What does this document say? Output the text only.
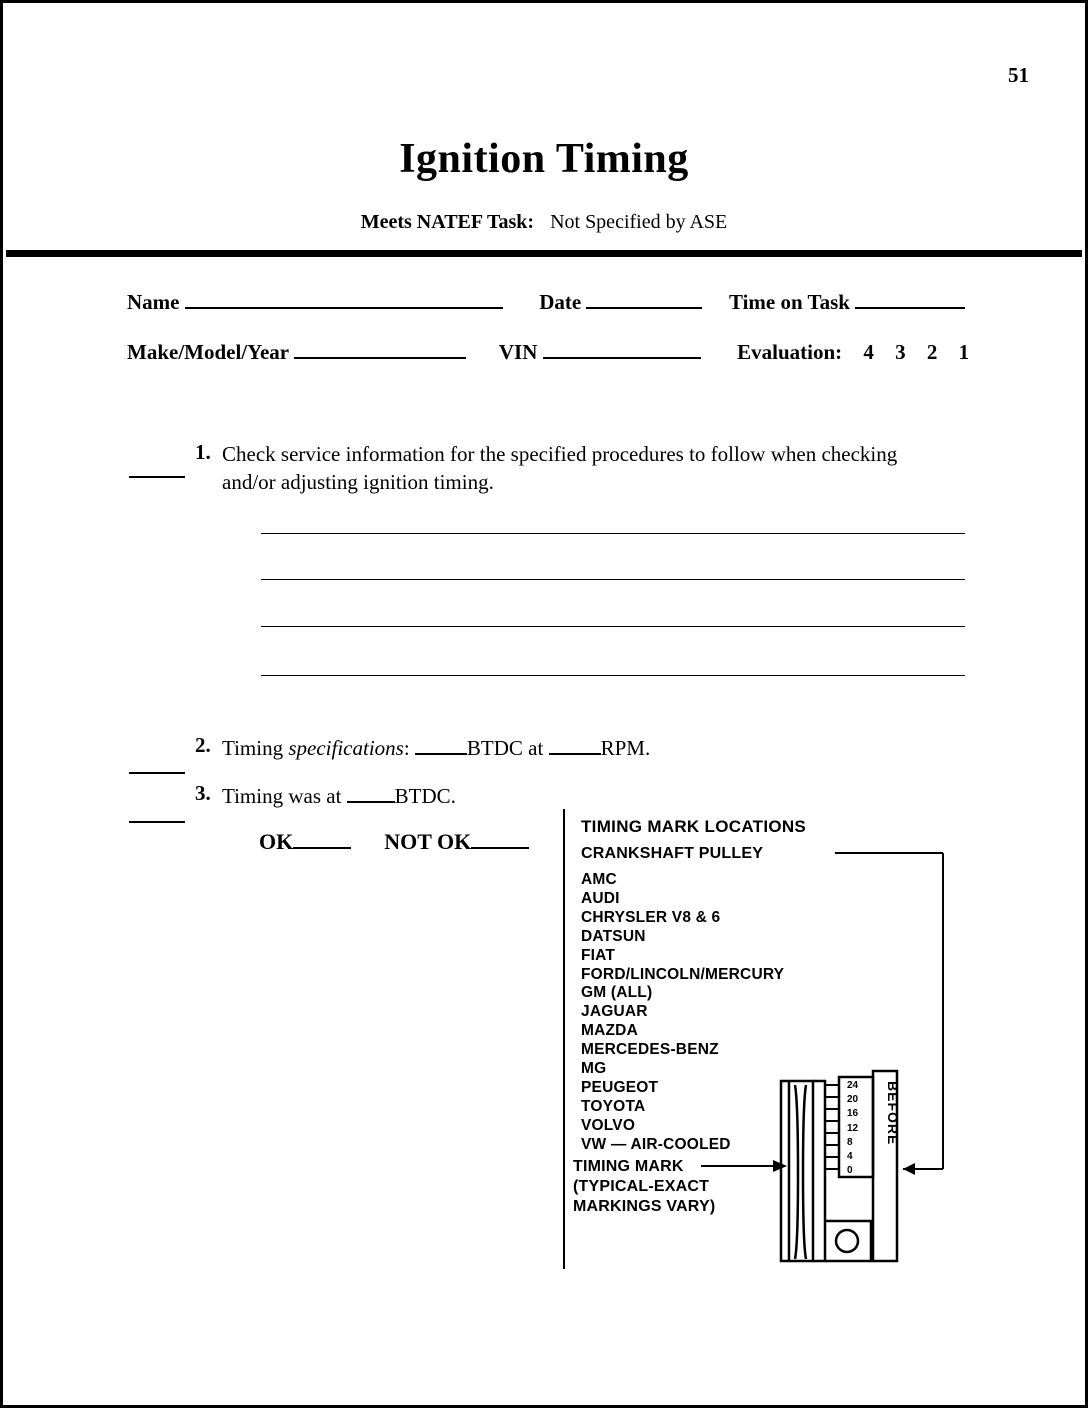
51
Ignition Timing
Meets NATEF Task: Not Specified by ASE
Name	Date	Time on Task
Make/Model/Year	VIN	Evaluation: 4 3 2 1
1. Check service information for the specified procedures to follow when checking and/or adjusting ignition timing.
2. Timing specifications:	BTDC at	RPM.
3. Timing was at	BTDC.
OK	NOT OK
TIMING MARK LOCATIONS
CRANKSHAFT PULLEY
AMC
AUDI
CHRYSLER V8 & 6
DATSUN
FIAT
FORD/LINCOLN/MERCURY
GM (ALL)
JAGUAR
MAZDA
MERCEDES-BENZ
MG
PEUGEOT
TOYOTA
VOLVO
VW — AIR-COOLED
TIMING MARK
(TYPICAL-EXACT
MARKINGS VARY)
24
20
16
12
8
4
0
BEFORE
